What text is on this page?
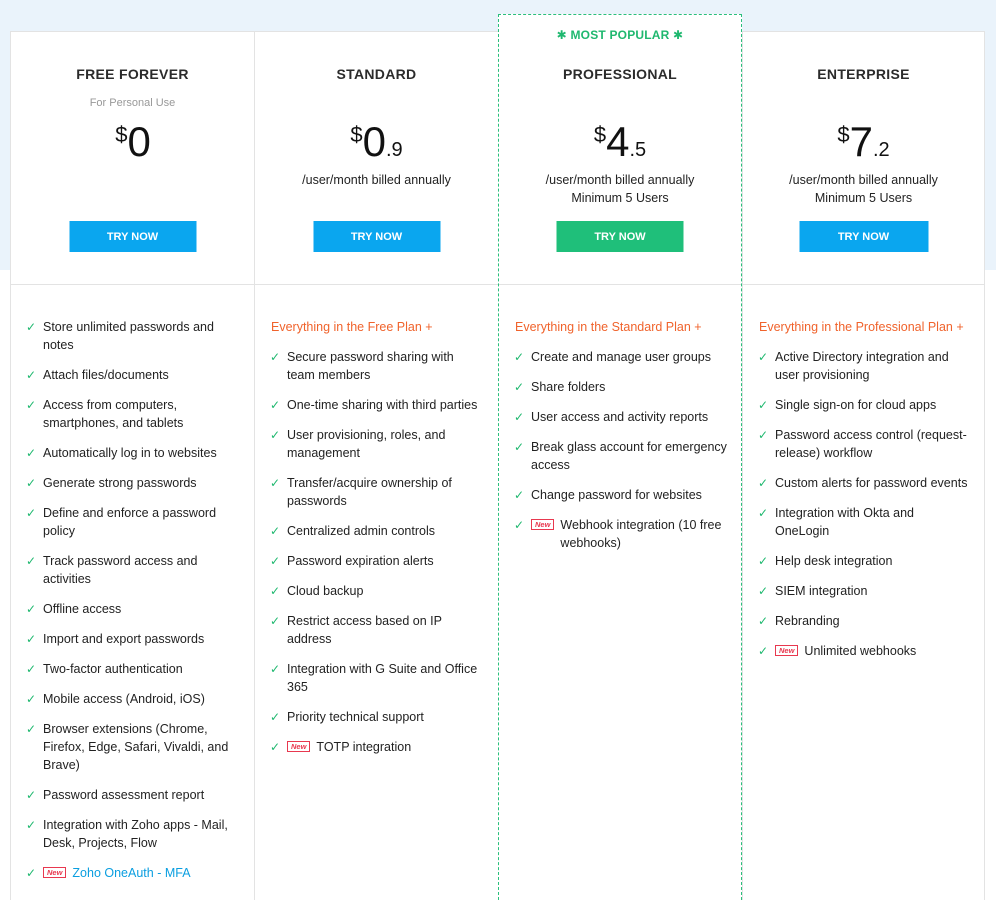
FREE FOREVER
For Personal Use
$0
TRY NOW
✓ Store unlimited passwords and notes
✓ Attach files/documents
✓ Access from computers, smartphones, and tablets
✓ Automatically log in to websites
✓ Generate strong passwords
✓ Define and enforce a password policy
✓ Track password access and activities
✓ Offline access
✓ Import and export passwords
✓ Two-factor authentication
✓ Mobile access (Android, iOS)
✓ Browser extensions (Chrome, Firefox, Edge, Safari, Vivaldi, and Brave)
✓ Password assessment report
✓ Integration with Zoho apps - Mail, Desk, Projects, Flow
✓	New Zoho OneAuth - MFA
STANDARD
$0.9
/user/month billed annually
TRY NOW
Everything in the Free Plan +
✓ Secure password sharing with team members
✓ One-time sharing with third parties
✓ User provisioning, roles, and management
✓ Transfer/acquire ownership of passwords
✓ Centralized admin controls
✓ Password expiration alerts
✓ Cloud backup
✓ Restrict access based on IP address
✓ Integration with G Suite and Office 365
✓ Priority technical support
✓	New TOTP integration
✱ MOST POPULAR ✱
PROFESSIONAL
$4.5
/user/month billed annually
Minimum 5 Users
TRY NOW
Everything in the Standard Plan +
✓ Create and manage user groups
✓ Share folders
✓ User access and activity reports
✓ Break glass account for emergency access
✓ Change password for websites
✓	New Webhook integration (10 free webhooks)
ENTERPRISE
$7.2
/user/month billed annually
Minimum 5 Users
TRY NOW
Everything in the Professional Plan +
✓ Active Directory integration and user provisioning
✓ Single sign-on for cloud apps
✓ Password access control (request-release) workflow
✓ Custom alerts for password events
✓ Integration with Okta and OneLogin
✓ Help desk integration
✓ SIEM integration
✓ Rebranding
✓	New Unlimited webhooks
